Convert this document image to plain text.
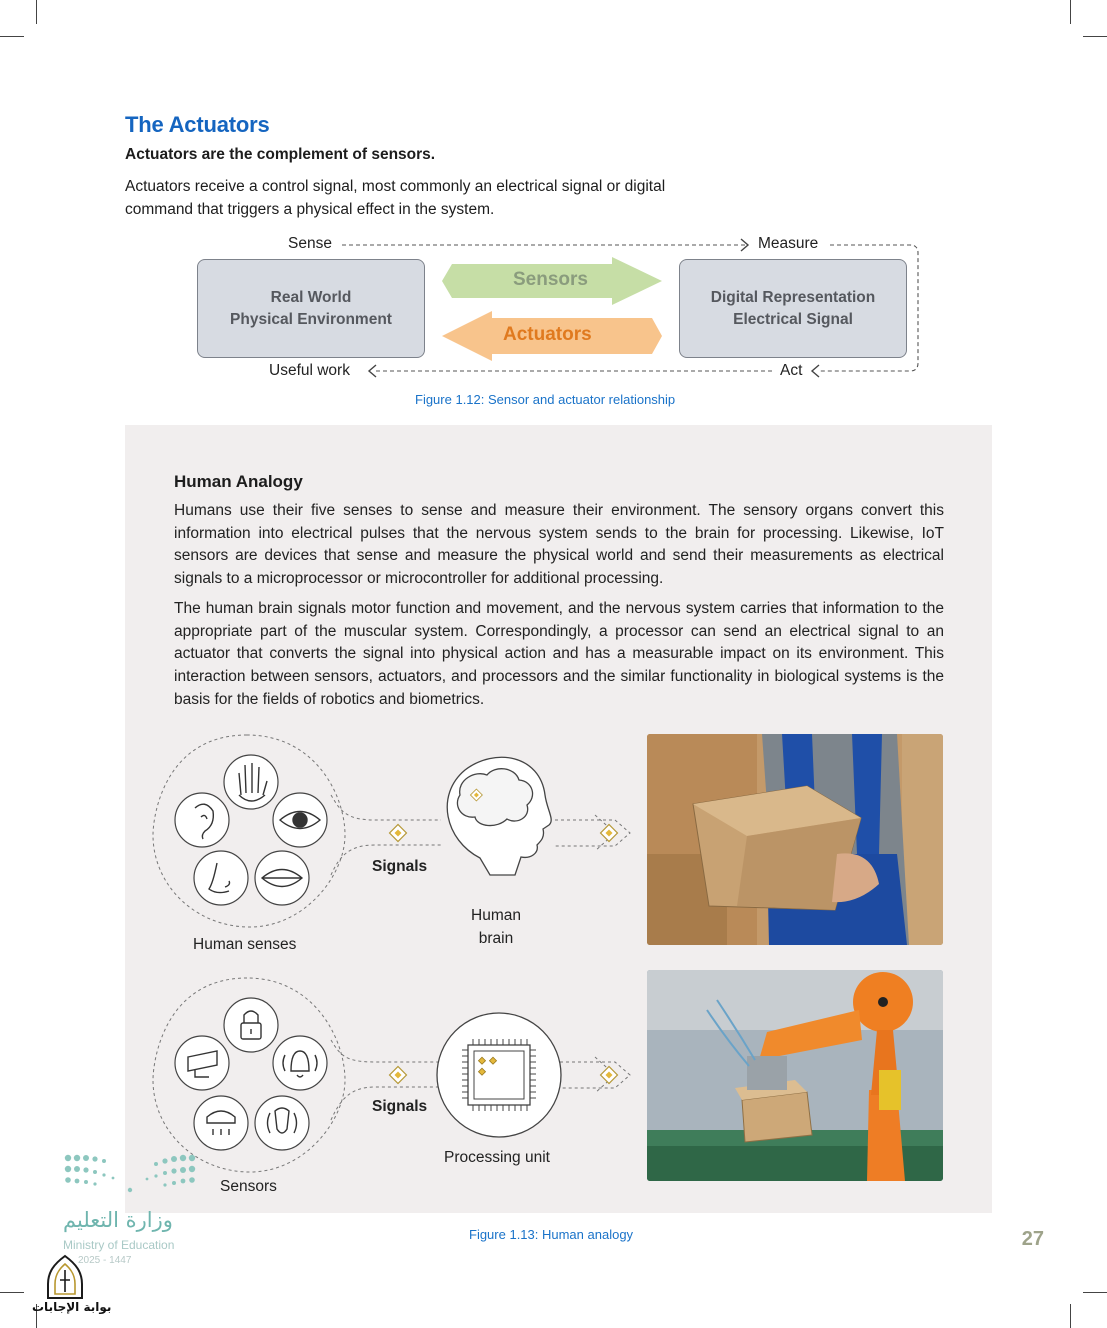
The Actuators
Actuators are the complement of sensors.
Actuators receive a control signal, most commonly an electrical signal or digital command that triggers a physical effect in the system.
Real World
Physical Environment
Digital Representation
Electrical Signal
Sensors
Actuators
Sense	Measure
Useful work	Act
Figure 1.12: Sensor and actuator relationship
Human Analogy
Humans use their five senses to sense and measure their environment. The sensory organs convert this information into electrical pulses that the nervous system sends to the brain for processing. Likewise, IoT sensors are devices that sense and measure the physical world and send their measurements as electrical signals to a microprocessor or microcontroller for additional processing.
The human brain signals motor function and movement, and the nervous system carries that information to the appropriate part of the muscular system. Correspondingly, a processor can send an electrical signal to an actuator that converts the signal into physical action and has a measurable impact on its environment. This interaction between sensors, actuators, and processors and the similar functionality in biological systems is the basis for the fields of robotics and biometrics.
Human senses
Signals
Human
brain
Sensors
Signals
Processing unit
Figure 1.13: Human analogy
وزارة التعليم
Ministry of Education
2025 - 1447
بوابة الإجابات
27
